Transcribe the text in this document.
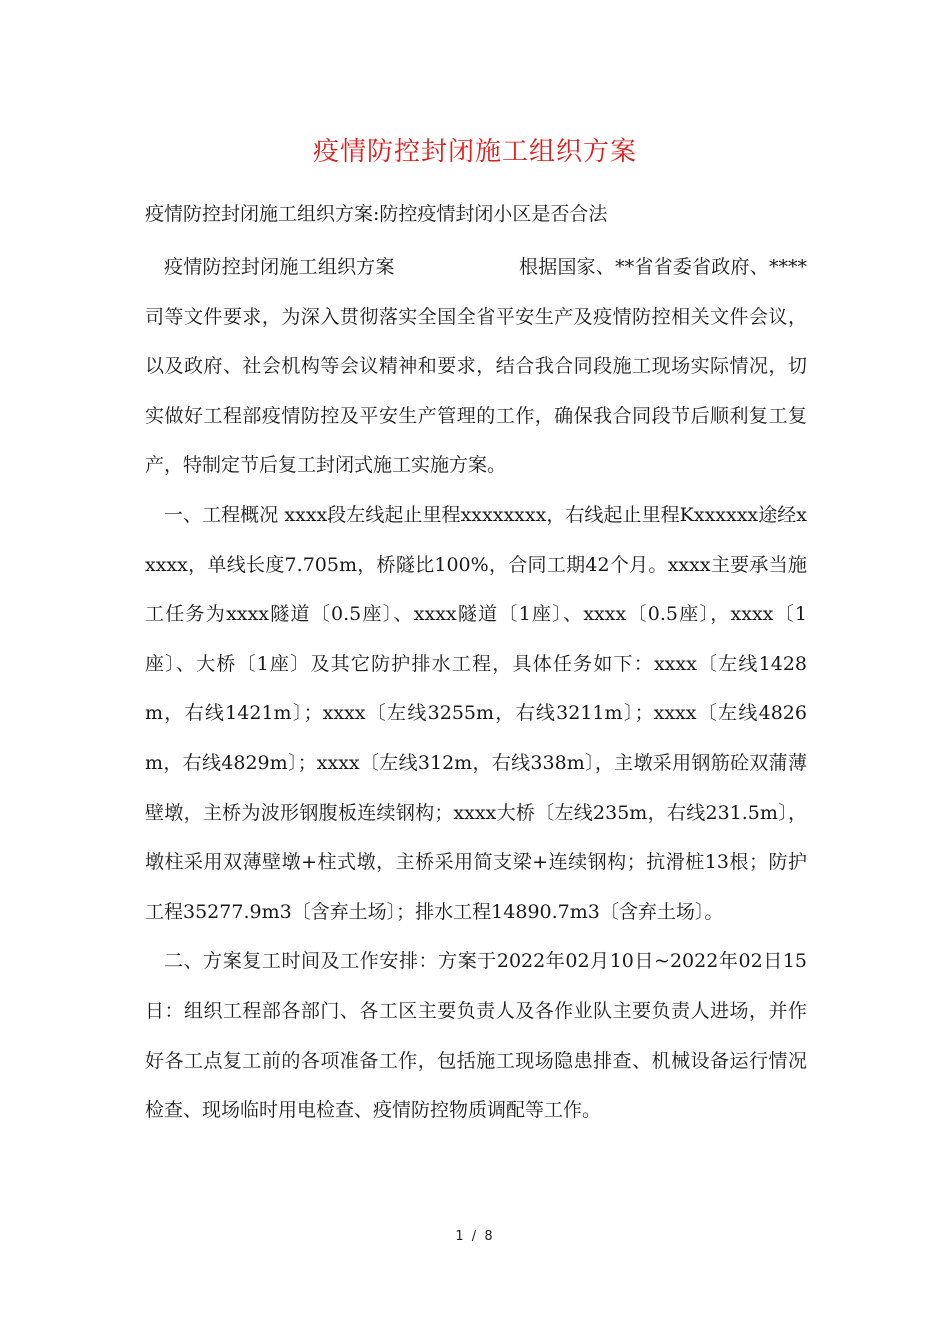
疫情防控封闭施工组织方案
疫情防控封闭施工组织方案:防控疫情封闭小区是否合法

疫情防控封闭施工组织方案	根据国家、**省省委省政府、****司等文件要求，为深入贯彻落实全国全省平安生产及疫情防控相关文件会议，以及政府、社会机构等会议精神和要求，结合我合同段施工现场实际情况，切实做好工程部疫情防控及平安生产管理的工作，确保我合同段节后顺利复工复产，特制定节后复工封闭式施工实施方案。

一、工程概况 xxxx段左线起止里程xxxxxxxx，右线起止里程Kxxxxxx途经xxxxx，单线长度7.705m，桥隧比100%，合同工期42个月。xxxx主要承当施工任务为xxxx隧道〔0.5座〕、xxxx隧道〔1座〕、xxxx〔0.5座〕，xxxx〔1座〕、大桥〔1座〕及其它防护排水工程，具体任务如下：xxxx〔左线1428m，右线1421m〕；xxxx〔左线3255m，右线3211m〕；xxxx〔左线4826m，右线4829m〕；xxxx〔左线312m，右线338m〕，主墩采用钢筋砼双蒲薄壁墩，主桥为波形钢腹板连续钢构；xxxx大桥〔左线235m，右线231.5m〕，墩柱采用双薄壁墩+柱式墩，主桥采用简支梁+连续钢构；抗滑桩13根；防护工程35277.9m3〔含弃土场〕；排水工程14890.7m3〔含弃土场〕。

二、方案复工时间及工作安排：方案于2022年02月10日~2022年02日15日：组织工程部各部门、各工区主要负责人及各作业队主要负责人进场，并作好各工点复工前的各项准备工作，包括施工现场隐患排查、机械设备运行情况检查、现场临时用电检查、疫情防控物质调配等工作。

1 / 8
